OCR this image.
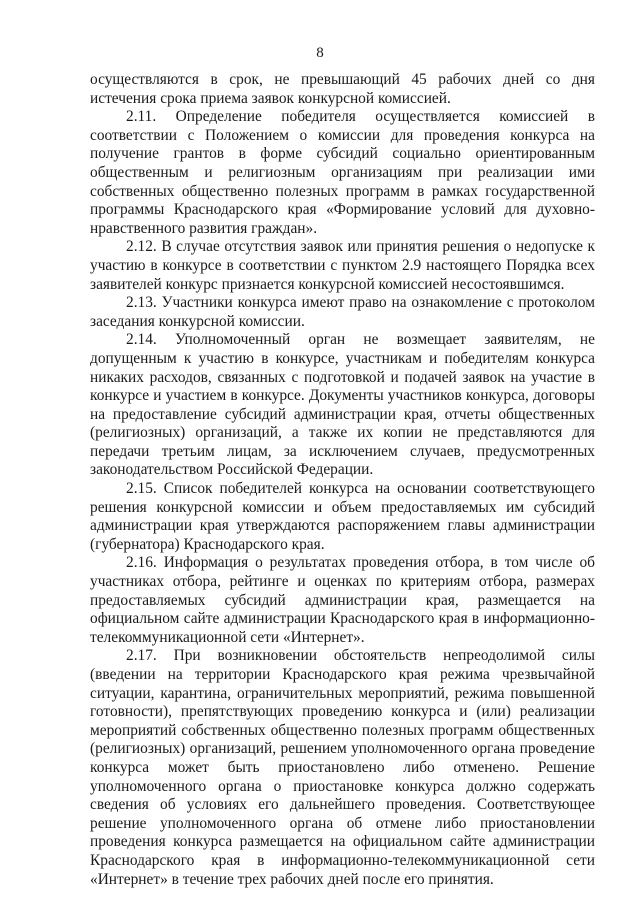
8

осуществляются в срок, не превышающий 45 рабочих дней со дня истечения срока приема заявок конкурсной комиссией.

2.11. Определение победителя осуществляется комиссией в соответствии с Положением о комиссии для проведения конкурса на получение грантов в форме субсидий социально ориентированным общественным и религиозным организациям при реализации ими собственных общественно полезных программ в рамках государственной программы Краснодарского края «Формирование условий для духовно-нравственного развития граждан».

2.12. В случае отсутствия заявок или принятия решения о недопуске к участию в конкурсе в соответствии с пунктом 2.9 настоящего Порядка всех заявителей конкурс признается конкурсной комиссией несостоявшимся.

2.13. Участники конкурса имеют право на ознакомление с протоколом заседания конкурсной комиссии.

2.14. Уполномоченный орган не возмещает заявителям, не допущенным к участию в конкурсе, участникам и победителям конкурса никаких расходов, связанных с подготовкой и подачей заявок на участие в конкурсе и участием в конкурсе. Документы участников конкурса, договоры на предоставление субсидий администрации края, отчеты общественных (религиозных) организаций, а также их копии не представляются для передачи третьим лицам, за исключением случаев, предусмотренных законодательством Российской Федерации.

2.15. Список победителей конкурса на основании соответствующего решения конкурсной комиссии и объем предоставляемых им субсидий администрации края утверждаются распоряжением главы администрации (губернатора) Краснодарского края.

2.16. Информация о результатах проведения отбора, в том числе об участниках отбора, рейтинге и оценках по критериям отбора, размерах предоставляемых субсидий администрации края, размещается на официальном сайте администрации Краснодарского края в информационно-телекоммуникационной сети «Интернет».

2.17. При возникновении обстоятельств непреодолимой силы (введении на территории Краснодарского края режима чрезвычайной ситуации, карантина, ограничительных мероприятий, режима повышенной готовности), препятствующих проведению конкурса и (или) реализации мероприятий собственных общественно полезных программ общественных (религиозных) организаций, решением уполномоченного органа проведение конкурса может быть приостановлено либо отменено. Решение уполномоченного органа о приостановке конкурса должно содержать сведения об условиях его дальнейшего проведения. Соответствующее решение уполномоченного органа об отмене либо приостановлении проведения конкурса размещается на официальном сайте администрации Краснодарского края в информационно-телекоммуникационной сети «Интернет» в течение трех рабочих дней после его принятия.
